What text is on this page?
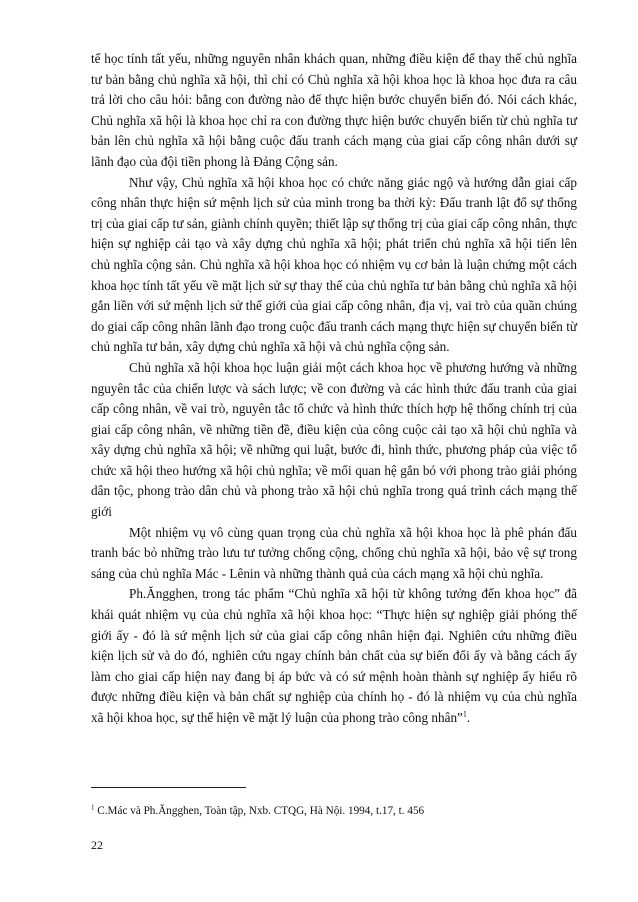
tế học tính tất yếu, những nguyên nhân khách quan, những điều kiện để thay thế chủ nghĩa tư bản bằng chủ nghĩa xã hội, thì chỉ có Chủ nghĩa xã hội khoa học là khoa học đưa ra câu trả lời cho câu hỏi: bằng con đường nào để thực hiện bước chuyển biến đó. Nói cách khác, Chủ nghĩa xã hội là khoa học chỉ ra con đường thực hiện bước chuyển biến từ chủ nghĩa tư bản lên chủ nghĩa xã hội bằng cuộc đấu tranh cách mạng của giai cấp công nhân dưới sự lãnh đạo của đội tiền phong là Đảng Cộng sản.

Như vậy, Chủ nghĩa xã hội khoa học có chức năng giác ngộ và hướng dẫn giai cấp công nhân thực hiện sứ mệnh lịch sử của mình trong ba thời kỳ: Đấu tranh lật đổ sự thống trị của giai cấp tư sản, giành chính quyền; thiết lập sự thống trị của giai cấp công nhân, thực hiện sự nghiệp cải tạo và xây dựng chủ nghĩa xã hội; phát triển chủ nghĩa xã hội tiến lên chủ nghĩa cộng sản. Chủ nghĩa xã hội khoa học có nhiệm vụ cơ bản là luận chứng một cách khoa học tính tất yếu về mặt lịch sử sự thay thế của chủ nghĩa tư bản bằng chủ nghĩa xã hội gắn liền với sứ mệnh lịch sử thế giới của giai cấp công nhân, địa vị, vai trò của quần chúng do giai cấp công nhân lãnh đạo trong cuộc đấu tranh cách mạng thực hiện sự chuyển biến từ chủ nghĩa tư bản, xây dựng chủ nghĩa xã hội và chủ nghĩa cộng sản.

Chủ nghĩa xã hội khoa học luận giải một cách khoa học về phương hướng và những nguyên tắc của chiến lược và sách lược; về con đường và các hình thức đấu tranh của giai cấp công nhân, về vai trò, nguyên tắc tổ chức và hình thức thích hợp hệ thống chính trị của giai cấp công nhân, về những tiền đề, điều kiện của công cuộc cải tạo xã hội chủ nghĩa và xây dựng chủ nghĩa xã hội; về những qui luật, bước đi, hình thức, phương pháp của việc tổ chức xã hội theo hướng xã hội chủ nghĩa; về mối quan hệ gắn bó với phong trào giải phóng dân tộc, phong trào dân chủ và phong trào xã hội chủ nghĩa trong quá trình cách mạng thế giới

Một nhiệm vụ vô cùng quan trọng của chủ nghĩa xã hội khoa học là phê phán đấu tranh bác bỏ những trào lưu tư tưởng chống cộng, chống chủ nghĩa xã hội, bảo vệ sự trong sáng của chủ nghĩa Mác - Lênin và những thành quả của cách mạng xã hội chủ nghĩa.

Ph.Ăngghen, trong tác phẩm “Chủ nghĩa xã hội từ không tưởng đến khoa học” đã khái quát nhiệm vụ của chủ nghĩa xã hội khoa học: “Thực hiện sự nghiệp giải phóng thế giới ấy - đó là sứ mệnh lịch sử của giai cấp công nhân hiện đại. Nghiên cứu những điều kiện lịch sử và do đó, nghiên cứu ngay chính bản chất của sự biến đổi ấy và bằng cách ấy làm cho giai cấp hiện nay đang bị áp bức và có sứ mệnh hoàn thành sự nghiệp ấy hiểu rõ được những điều kiện và bản chất sự nghiệp của chính họ - đó là nhiệm vụ của chủ nghĩa xã hội khoa học, sự thể hiện về mặt lý luận của phong trào công nhân”$^1$.

$^1$ C.Mác và Ph.Ăngghen, Toàn tập, Nxb. CTQG, Hà Nội. 1994, t.17, t. 456
22
